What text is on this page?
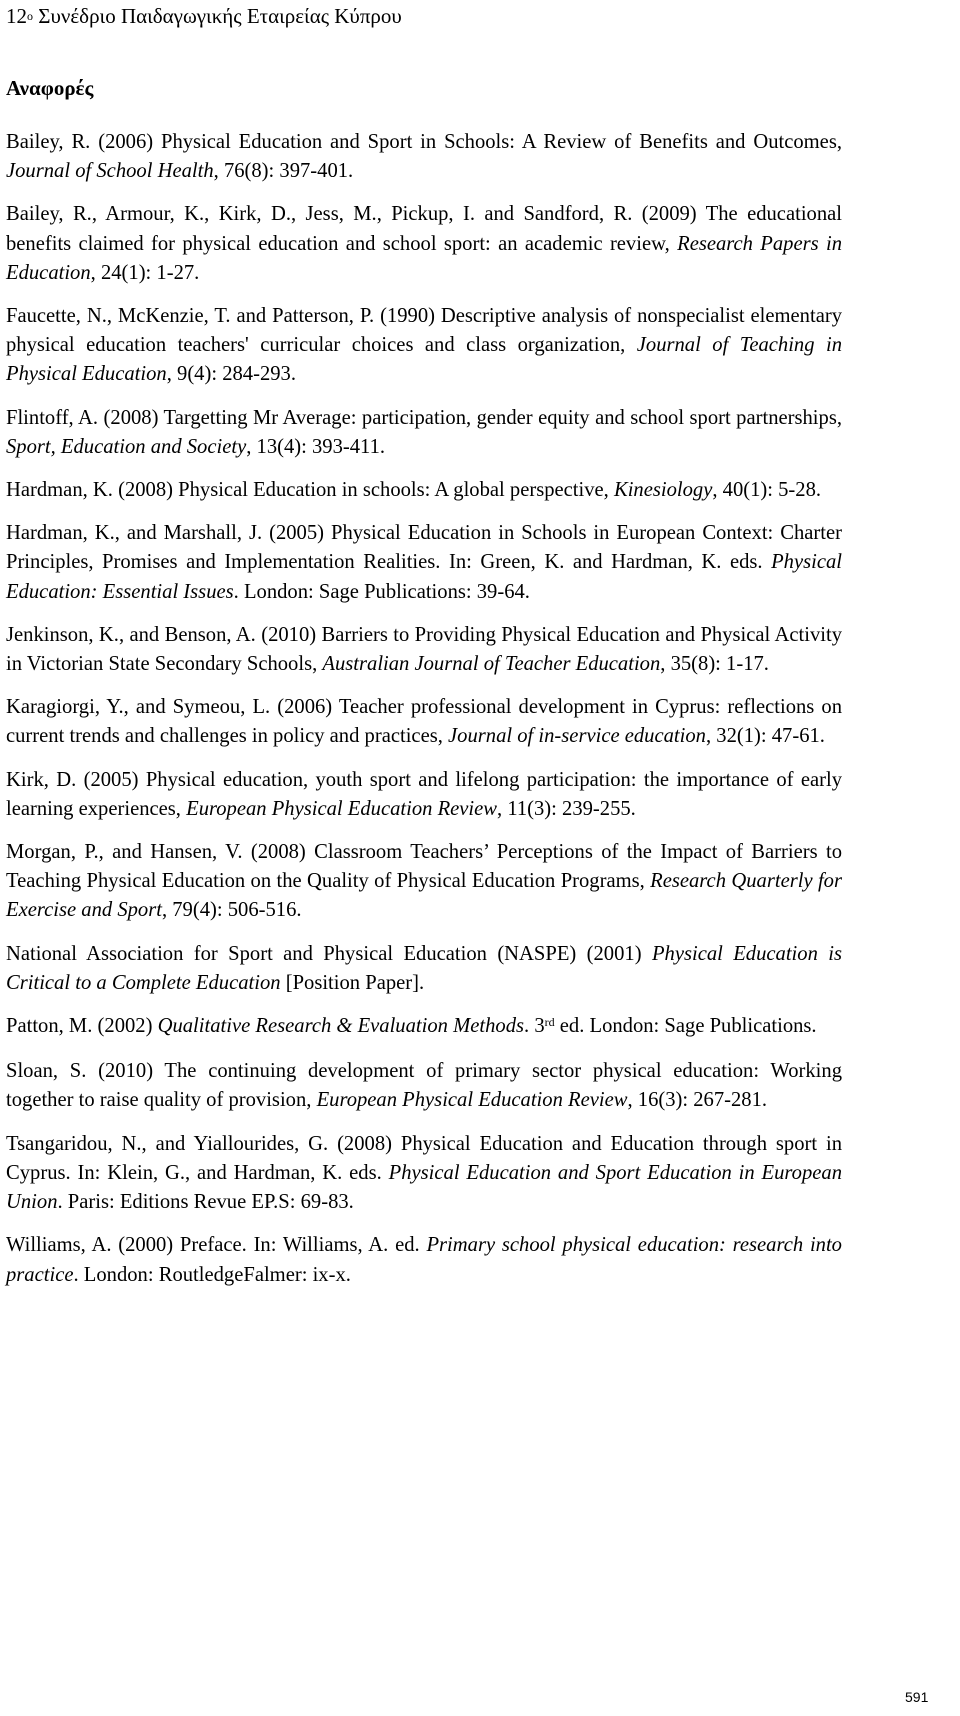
$12^o$ Συνέδριο Παιδαγωγικής Εταιρείας Κύπρου
Αναφορές

Bailey, R. (2006) Physical Education and Sport in Schools: A Review of Benefits and Outcomes, Journal of School Health, 76(8): 397-401.

Bailey, R., Armour, K., Kirk, D., Jess, M., Pickup, I. and Sandford, R. (2009) The educational benefits claimed for physical education and school sport: an academic review, Research Papers in Education, 24(1): 1-27.

Faucette, N., McKenzie, T. and Patterson, P. (1990) Descriptive analysis of nonspecialist elementary physical education teachers' curricular choices and class organization, Journal of Teaching in Physical Education, 9(4): 284-293.

Flintoff, A. (2008) Targetting Mr Average: participation, gender equity and school sport partnerships, Sport, Education and Society, 13(4): 393-411.

Hardman, K. (2008) Physical Education in schools: A global perspective, Kinesiology, 40(1): 5-28.

Hardman, K., and Marshall, J. (2005) Physical Education in Schools in European Context: Charter Principles, Promises and Implementation Realities. In: Green, K. and Hardman, K. eds. Physical Education: Essential Issues. London: Sage Publications: 39-64.

Jenkinson, K., and Benson, A. (2010) Barriers to Providing Physical Education and Physical Activity in Victorian State Secondary Schools, Australian Journal of Teacher Education, 35(8): 1-17.

Karagiorgi, Y., and Symeou, L. (2006) Teacher professional development in Cyprus: reflections on current trends and challenges in policy and practices, Journal of in-service education, 32(1): 47-61.

Kirk, D. (2005) Physical education, youth sport and lifelong participation: the importance of early learning experiences, European Physical Education Review, 11(3): 239-255.

Morgan, P., and Hansen, V. (2008) Classroom Teachers’ Perceptions of the Impact of Barriers to Teaching Physical Education on the Quality of Physical Education Programs, Research Quarterly for Exercise and Sport, 79(4): 506-516.

National Association for Sport and Physical Education (NASPE) (2001) Physical Education is Critical to a Complete Education [Position Paper].

Patton, M. (2002) Qualitative Research & Evaluation Methods. 3rd ed. London: Sage Publications.

Sloan, S. (2010) The continuing development of primary sector physical education: Working together to raise quality of provision, European Physical Education Review, 16(3): 267-281.

Tsangaridou, N., and Yiallourides, G. (2008) Physical Education and Education through sport in Cyprus. In: Klein, G., and Hardman, K. eds. Physical Education and Sport Education in European Union. Paris: Editions Revue EP.S: 69-83.

Williams, A. (2000) Preface. In: Williams, A. ed. Primary school physical education: research into practice. London: RoutledgeFalmer: ix-x.

591
